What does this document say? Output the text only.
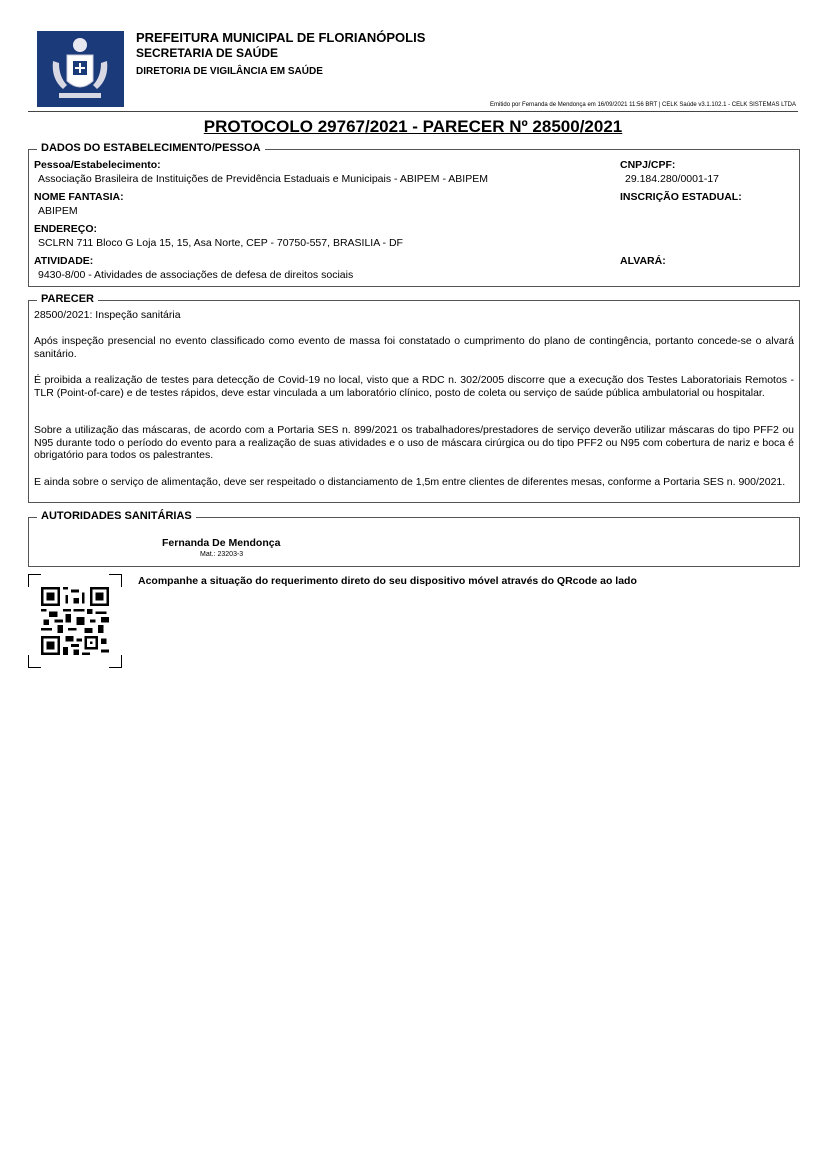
PREFEITURA MUNICIPAL DE FLORIANÓPOLIS
SECRETARIA DE SAÚDE
DIRETORIA DE VIGILÂNCIA EM SAÚDE
Emitido por Fernanda de Mendonça em 16/09/2021 11:56 BRT | CELK Saúde v3.1.102.1 - CELK SISTEMAS LTDA
PROTOCOLO 29767/2021 - PARECER Nº 28500/2021
DADOS DO ESTABELECIMENTO/PESSOA
Pessoa/Estabelecimento:
Associação Brasileira de Instituições de Previdência Estaduais e Municipais - ABIPEM - ABIPEM
CNPJ/CPF:
29.184.280/0001-17
NOME FANTASIA:
ABIPEM
INSCRIÇÃO ESTADUAL:
ENDEREÇO:
SCLRN 711 Bloco G Loja 15, 15, Asa Norte, CEP - 70750-557, BRASILIA - DF
ATIVIDADE:
9430-8/00 - Atividades de associações de defesa de direitos sociais
ALVARÁ:
PARECER
28500/2021: Inspeção sanitária
Após inspeção presencial no evento classificado como evento de massa foi constatado o cumprimento do plano de contingência, portanto concede-se o alvará sanitário.
É proibida a realização de testes para detecção de Covid-19 no local, visto que a RDC n. 302/2005 discorre que a execução dos Testes Laboratoriais Remotos - TLR (Point-of-care) e de testes rápidos, deve estar vinculada a um laboratório clínico, posto de coleta ou serviço de saúde pública ambulatorial ou hospitalar.
Sobre a utilização das máscaras, de acordo com a Portaria SES n. 899/2021 os trabalhadores/prestadores de serviço deverão utilizar máscaras do tipo PFF2 ou N95 durante todo o período do evento para a realização de suas atividades e o uso de máscara cirúrgica ou do tipo PFF2 ou N95 com cobertura de nariz e boca é obrigatório para todos os palestrantes.
E ainda sobre o serviço de alimentação, deve ser respeitado o distanciamento de 1,5m entre clientes de diferentes mesas, conforme a Portaria SES n. 900/2021.
AUTORIDADES SANITÁRIAS
Fernanda De Mendonça
Mat.: 23203-3
Acompanhe a situação do requerimento direto do seu dispositivo móvel através do QRcode ao lado
